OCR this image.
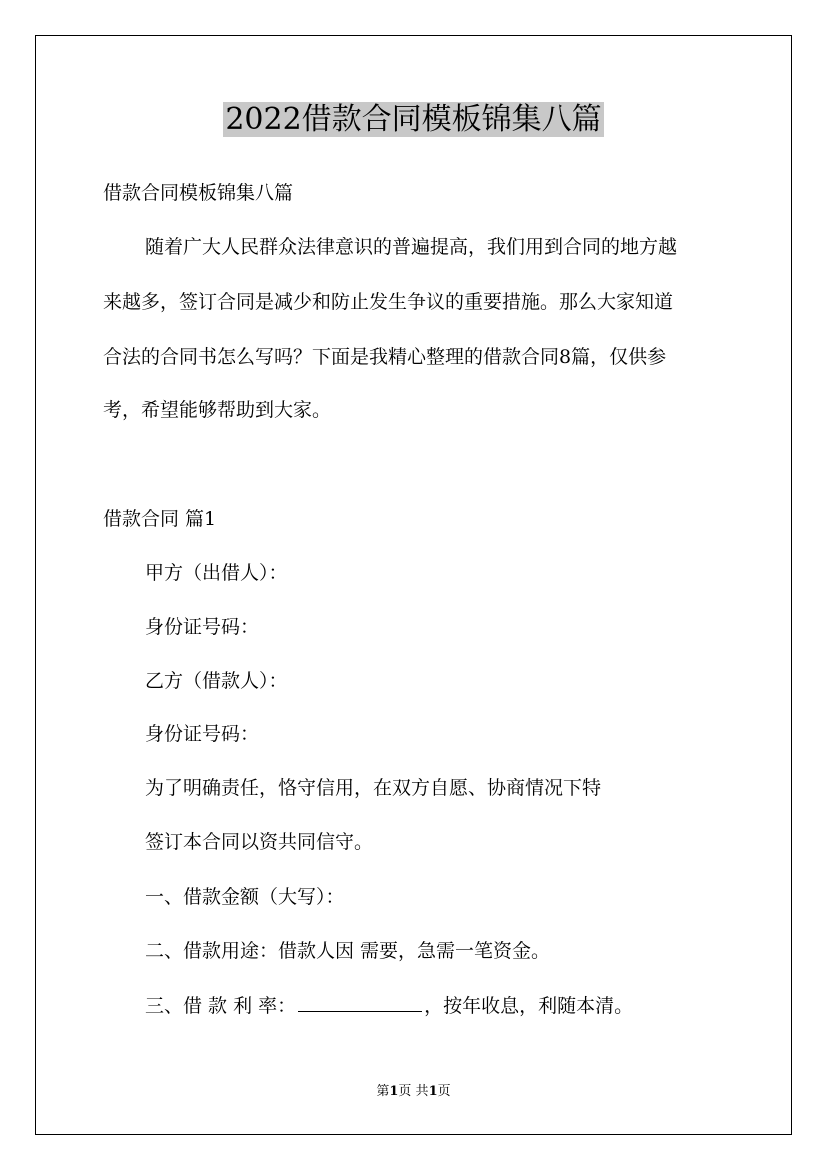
2022借款合同模板锦集八篇
借款合同模板锦集八篇
随着广大人民群众法律意识的普遍提高，我们用到合同的地方越
来越多，签订合同是减少和防止发生争议的重要措施。那么大家知道
合法的合同书怎么写吗？下面是我精心整理的借款合同8篇，仅供参
考，希望能够帮助到大家。
借款合同 篇1
甲方（出借人）：
身份证号码：
乙方（借款人）：
身份证号码：
为了明确责任，恪守信用，在双方自愿、协商情况下特
签订本合同以资共同信守。
一、借款金额（大写）：
二、借款用途：借款人因 需要，急需一笔资金。
三、借 款 利 率：	，按年收息，利随本清。
第1页 共1页
